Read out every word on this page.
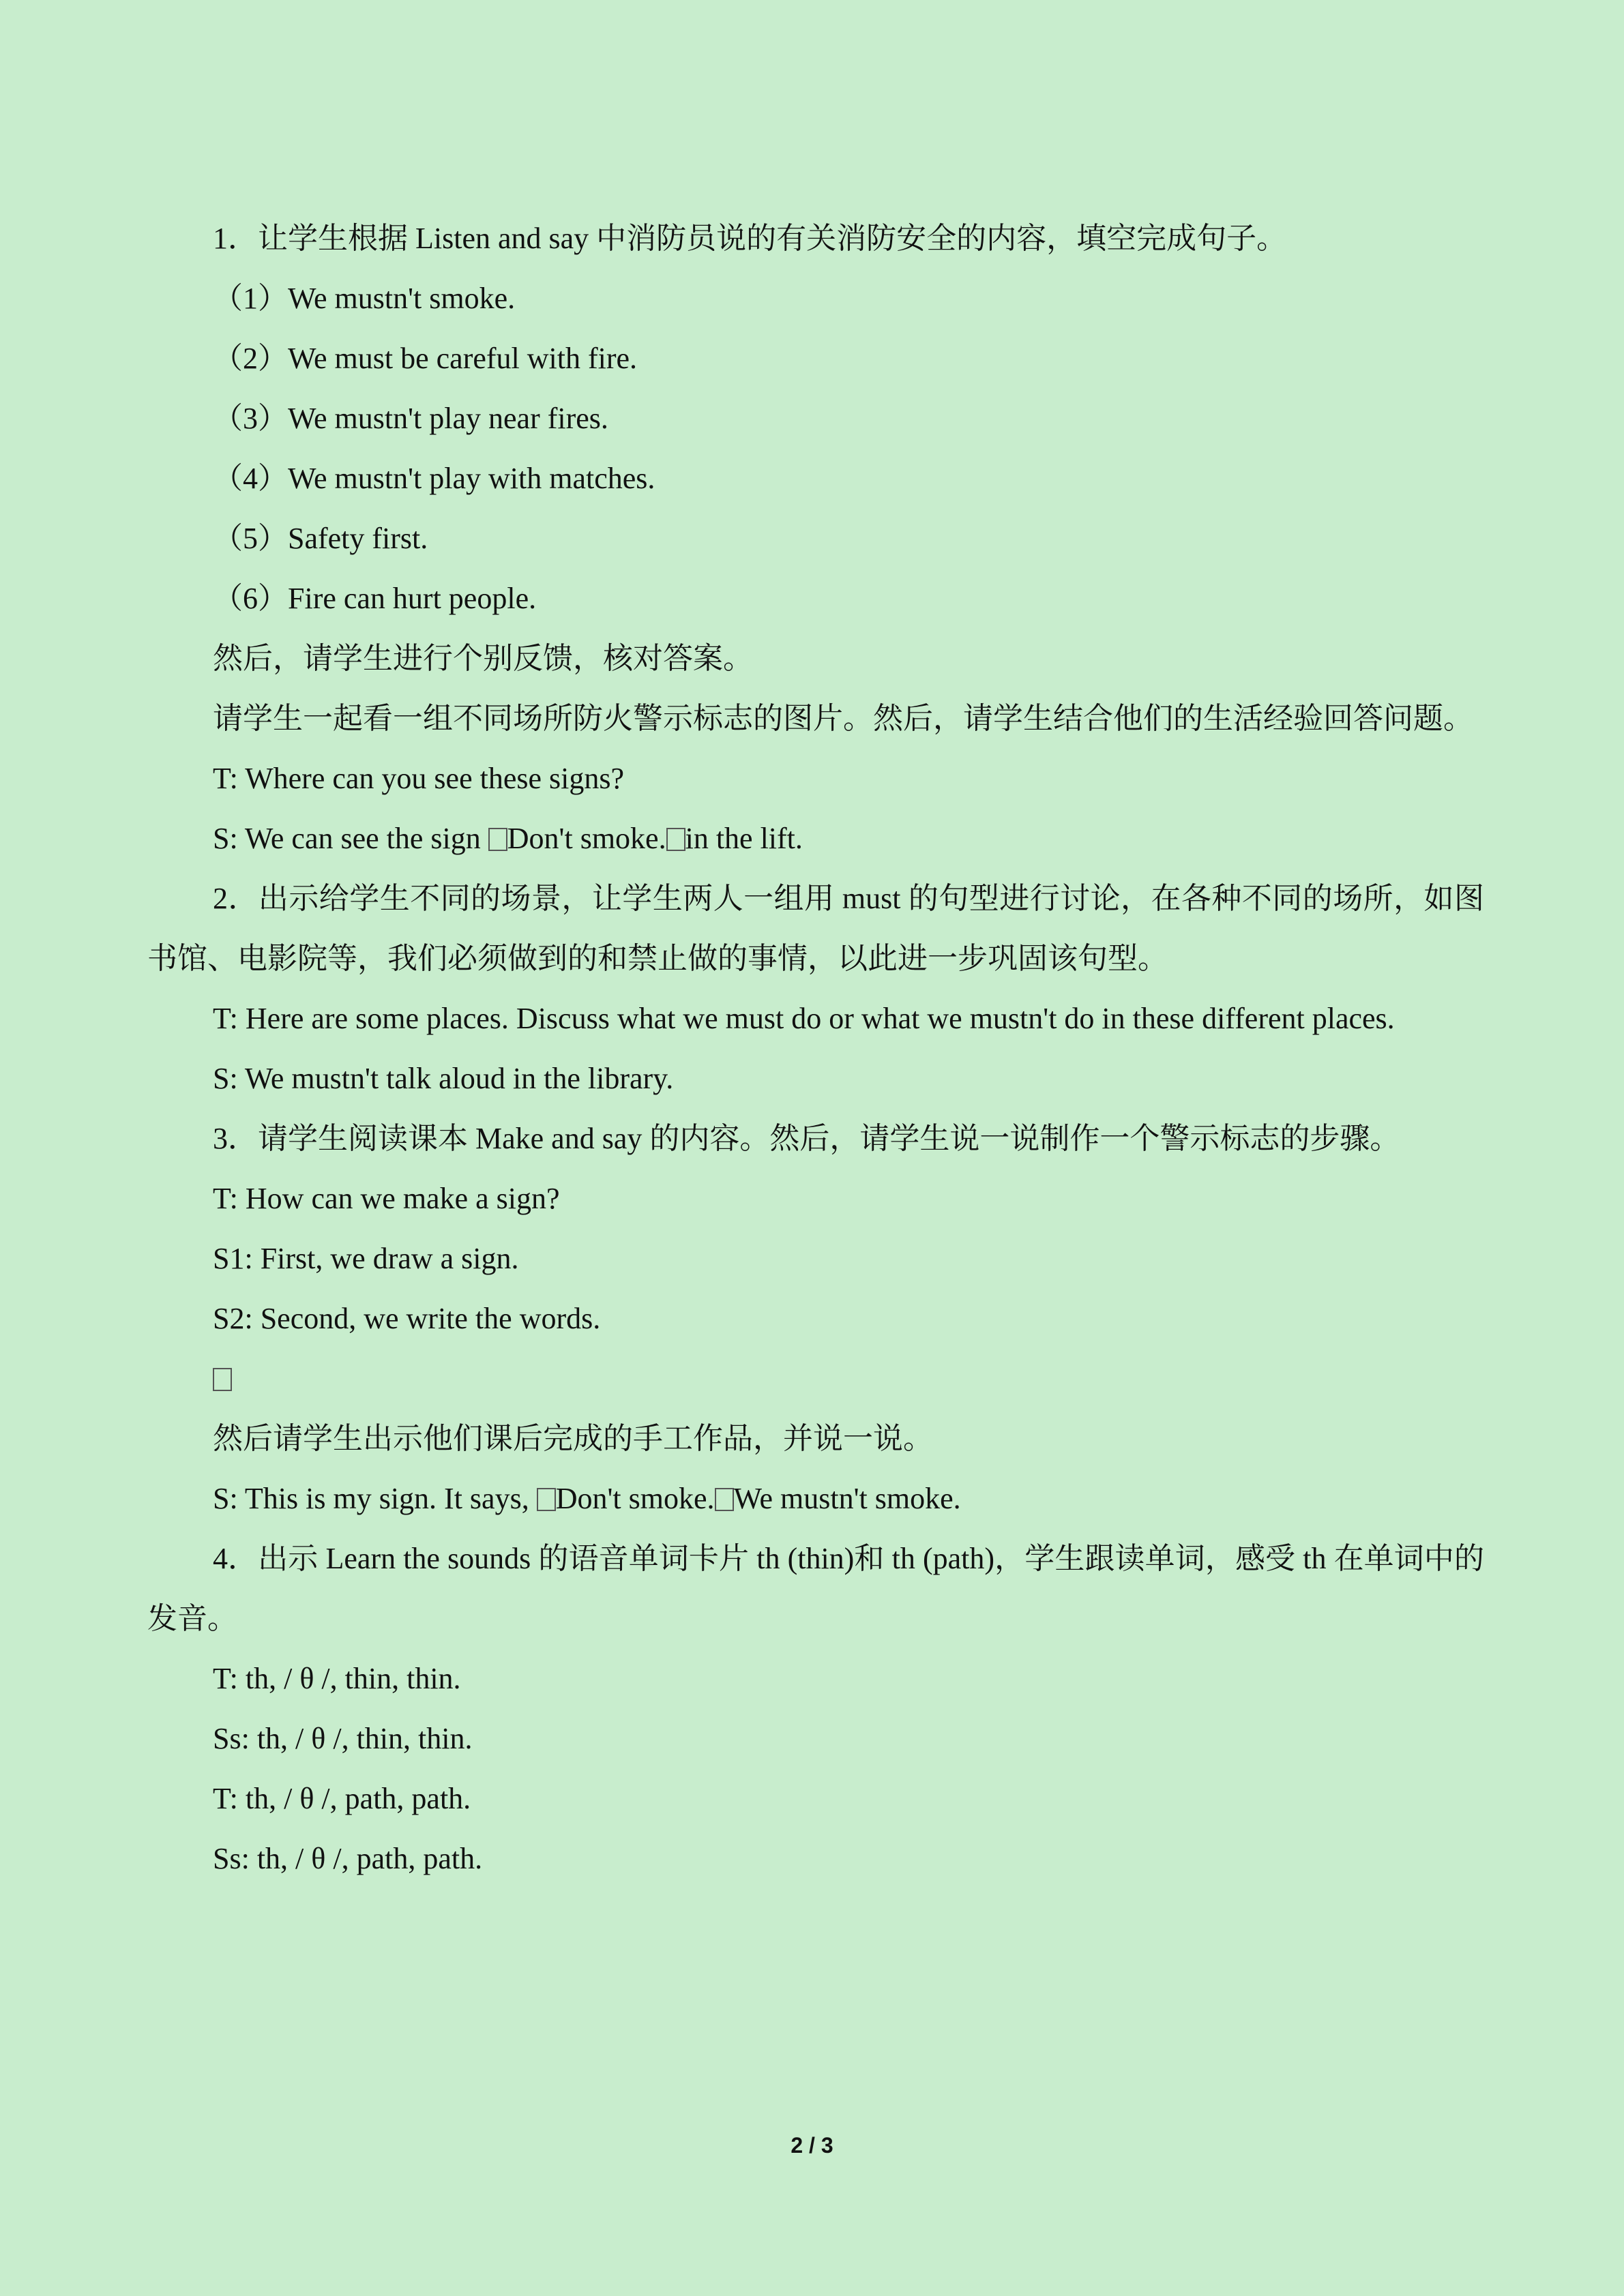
1．让学生根据 Listen and say 中消防员说的有关消防安全的内容，填空完成句子。

（1）We mustn't smoke.

（2）We must be careful with fire.

（3）We mustn't play near fires.

（4）We mustn't play with matches.

（5）Safety first.

（6）Fire can hurt people.

然后，请学生进行个别反馈，核对答案。

请学生一起看一组不同场所防火警示标志的图片。然后，请学生结合他们的生活经验回答问题。

T: Where can you see these signs?

S: We can see the sign Don't smoke. in the lift.

2．出示给学生不同的场景，让学生两人一组用 must 的句型进行讨论，在各种不同的场所，如图书馆、电影院等，我们必须做到的和禁止做的事情，以此进一步巩固该句型。

T: Here are some places. Discuss what we must do or what we mustn't do in these different places.

S: We mustn't talk aloud in the library.

3．请学生阅读课本 Make and say 的内容。然后，请学生说一说制作一个警示标志的步骤。

T: How can we make a sign?

S1: First, we draw a sign.

S2: Second, we write the words.

然后请学生出示他们课后完成的手工作品，并说一说。

S: This is my sign. It says, Don't smoke. We mustn't smoke.

4．出示 Learn the sounds 的语音单词卡片 th (thin)和 th (path)，学生跟读单词，感受 th 在单词中的发音。

T: th, / θ /, thin, thin.

Ss: th, / θ /, thin, thin.

T: th, / θ /, path, path.

Ss: th, / θ /, path, path.

2 / 3
